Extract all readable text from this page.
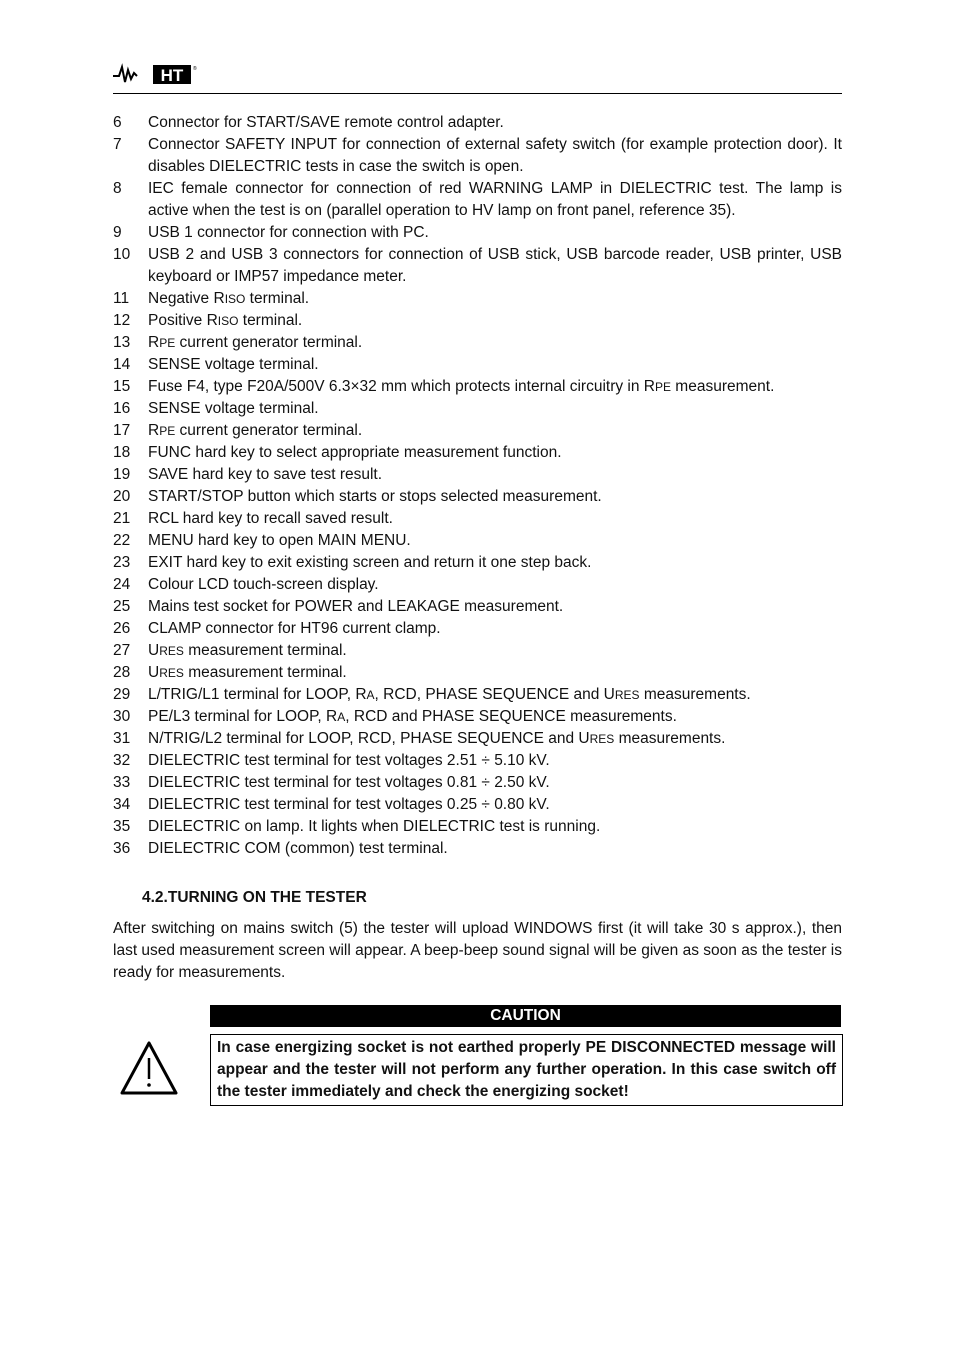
HT ®
6	Connector for START/SAVE remote control adapter.
7	Connector SAFETY INPUT for connection of external safety switch (for example protection door). It disables DIELECTRIC tests in case the switch is open.
8	IEC female connector for connection of red WARNING LAMP in DIELECTRIC test. The lamp is active when the test is on (parallel operation to HV lamp on front panel, reference 35).
9	USB 1 connector for connection with PC.
10	USB 2 and USB 3 connectors for connection of USB stick, USB barcode reader, USB printer, USB keyboard or IMP57 impedance meter.
11	Negative RISO terminal.
12	Positive RISO terminal.
13	RPE current generator terminal.
14	SENSE voltage terminal.
15	Fuse F4, type F20A/500V 6.3×32 mm which protects internal circuitry in RPE measurement.
16	SENSE voltage terminal.
17	RPE current generator terminal.
18	FUNC hard key to select appropriate measurement function.
19	SAVE hard key to save test result.
20	START/STOP button which starts or stops selected measurement.
21	RCL hard key to recall saved result.
22	MENU hard key to open MAIN MENU.
23	EXIT hard key to exit existing screen and return it one step back.
24	Colour LCD touch-screen display.
25	Mains test socket for POWER and LEAKAGE measurement.
26	CLAMP connector for HT96 current clamp.
27	URES measurement terminal.
28	URES measurement terminal.
29	L/TRIG/L1 terminal for LOOP, RA, RCD, PHASE SEQUENCE and URES measurements.
30	PE/L3 terminal for LOOP, RA, RCD and PHASE SEQUENCE measurements.
31	N/TRIG/L2 terminal for LOOP, RCD, PHASE SEQUENCE and URES measurements.
32	DIELECTRIC test terminal for test voltages 2.51 ÷ 5.10 kV.
33	DIELECTRIC test terminal for test voltages 0.81 ÷ 2.50 kV.
34	DIELECTRIC test terminal for test voltages 0.25 ÷ 0.80 kV.
35	DIELECTRIC on lamp. It lights when DIELECTRIC test is running.
36	DIELECTRIC COM (common) test terminal.
4.2.TURNING ON THE TESTER
After switching on mains switch (5) the tester will upload WINDOWS first (it will take 30 s approx.), then last used measurement screen will appear. A beep-beep sound signal will be given as soon as the tester is ready for measurements.
CAUTION
In case energizing socket is not earthed properly PE DISCONNECTED message will appear and the tester will not perform any further operation. In this case switch off the tester immediately and check the energizing socket!
